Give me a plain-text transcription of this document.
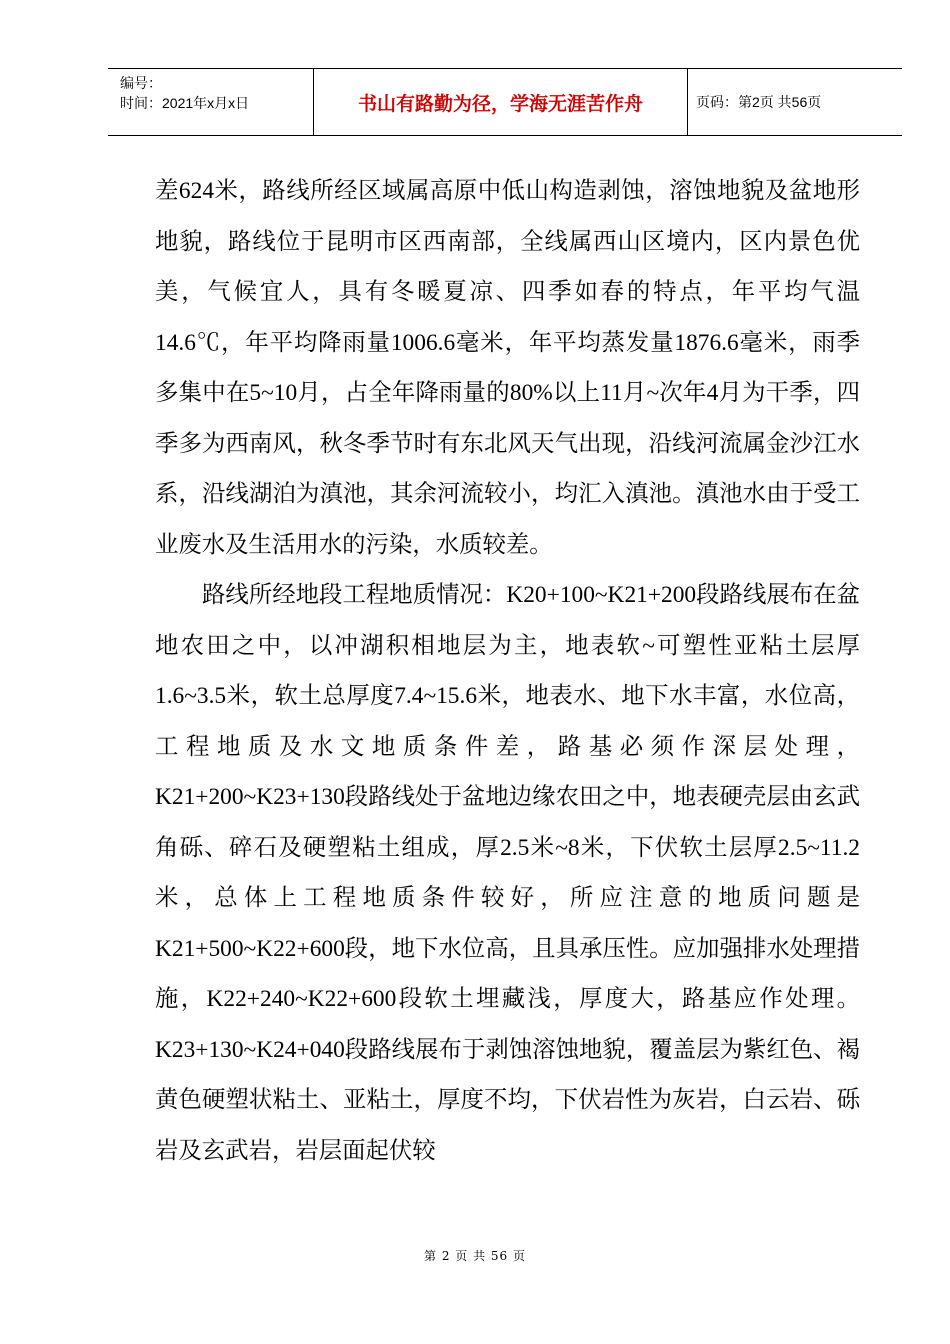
编号：
时间：2021年x月x日	书山有路勤为径，学海无涯苦作舟	页码：第2页 共56页

差624米，路线所经区域属高原中低山构造剥蚀，溶蚀地貌及盆地形地貌，路线位于昆明市区西南部，全线属西山区境内，区内景色优美，气候宜人，具有冬暖夏凉、四季如春的特点，年平均气温14.6℃，年平均降雨量1006.6毫米，年平均蒸发量1876.6毫米，雨季多集中在5~10月，占全年降雨量的80%以上11月~次年4月为干季，四季多为西南风，秋冬季节时有东北风天气出现，沿线河流属金沙江水系，沿线湖泊为滇池，其余河流较小，均汇入滇池。滇池水由于受工业废水及生活用水的污染，水质较差。

路线所经地段工程地质情况：K20+100~K21+200段路线展布在盆地农田之中，以冲湖积相地层为主，地表软~可塑性亚粘土层厚1.6~3.5米，软土总厚度7.4~15.6米，地表水、地下水丰富，水位高，工程地质及水文地质条件差，路基必须作深层处理，K21+200~K23+130段路线处于盆地边缘农田之中，地表硬壳层由玄武角砾、碎石及硬塑粘土组成，厚2.5米~8米，下伏软土层厚2.5~11.2米，总体上工程地质条件较好，所应注意的地质问题是K21+500~K22+600段，地下水位高，且具承压性。应加强排水处理措施，K22+240~K22+600段软土埋藏浅，厚度大，路基应作处理。K23+130~K24+040段路线展布于剥蚀溶蚀地貌，覆盖层为紫红色、褐黄色硬塑状粘土、亚粘土，厚度不均，下伏岩性为灰岩，白云岩、砾岩及玄武岩，岩层面起伏较

第 2 页 共 56 页
